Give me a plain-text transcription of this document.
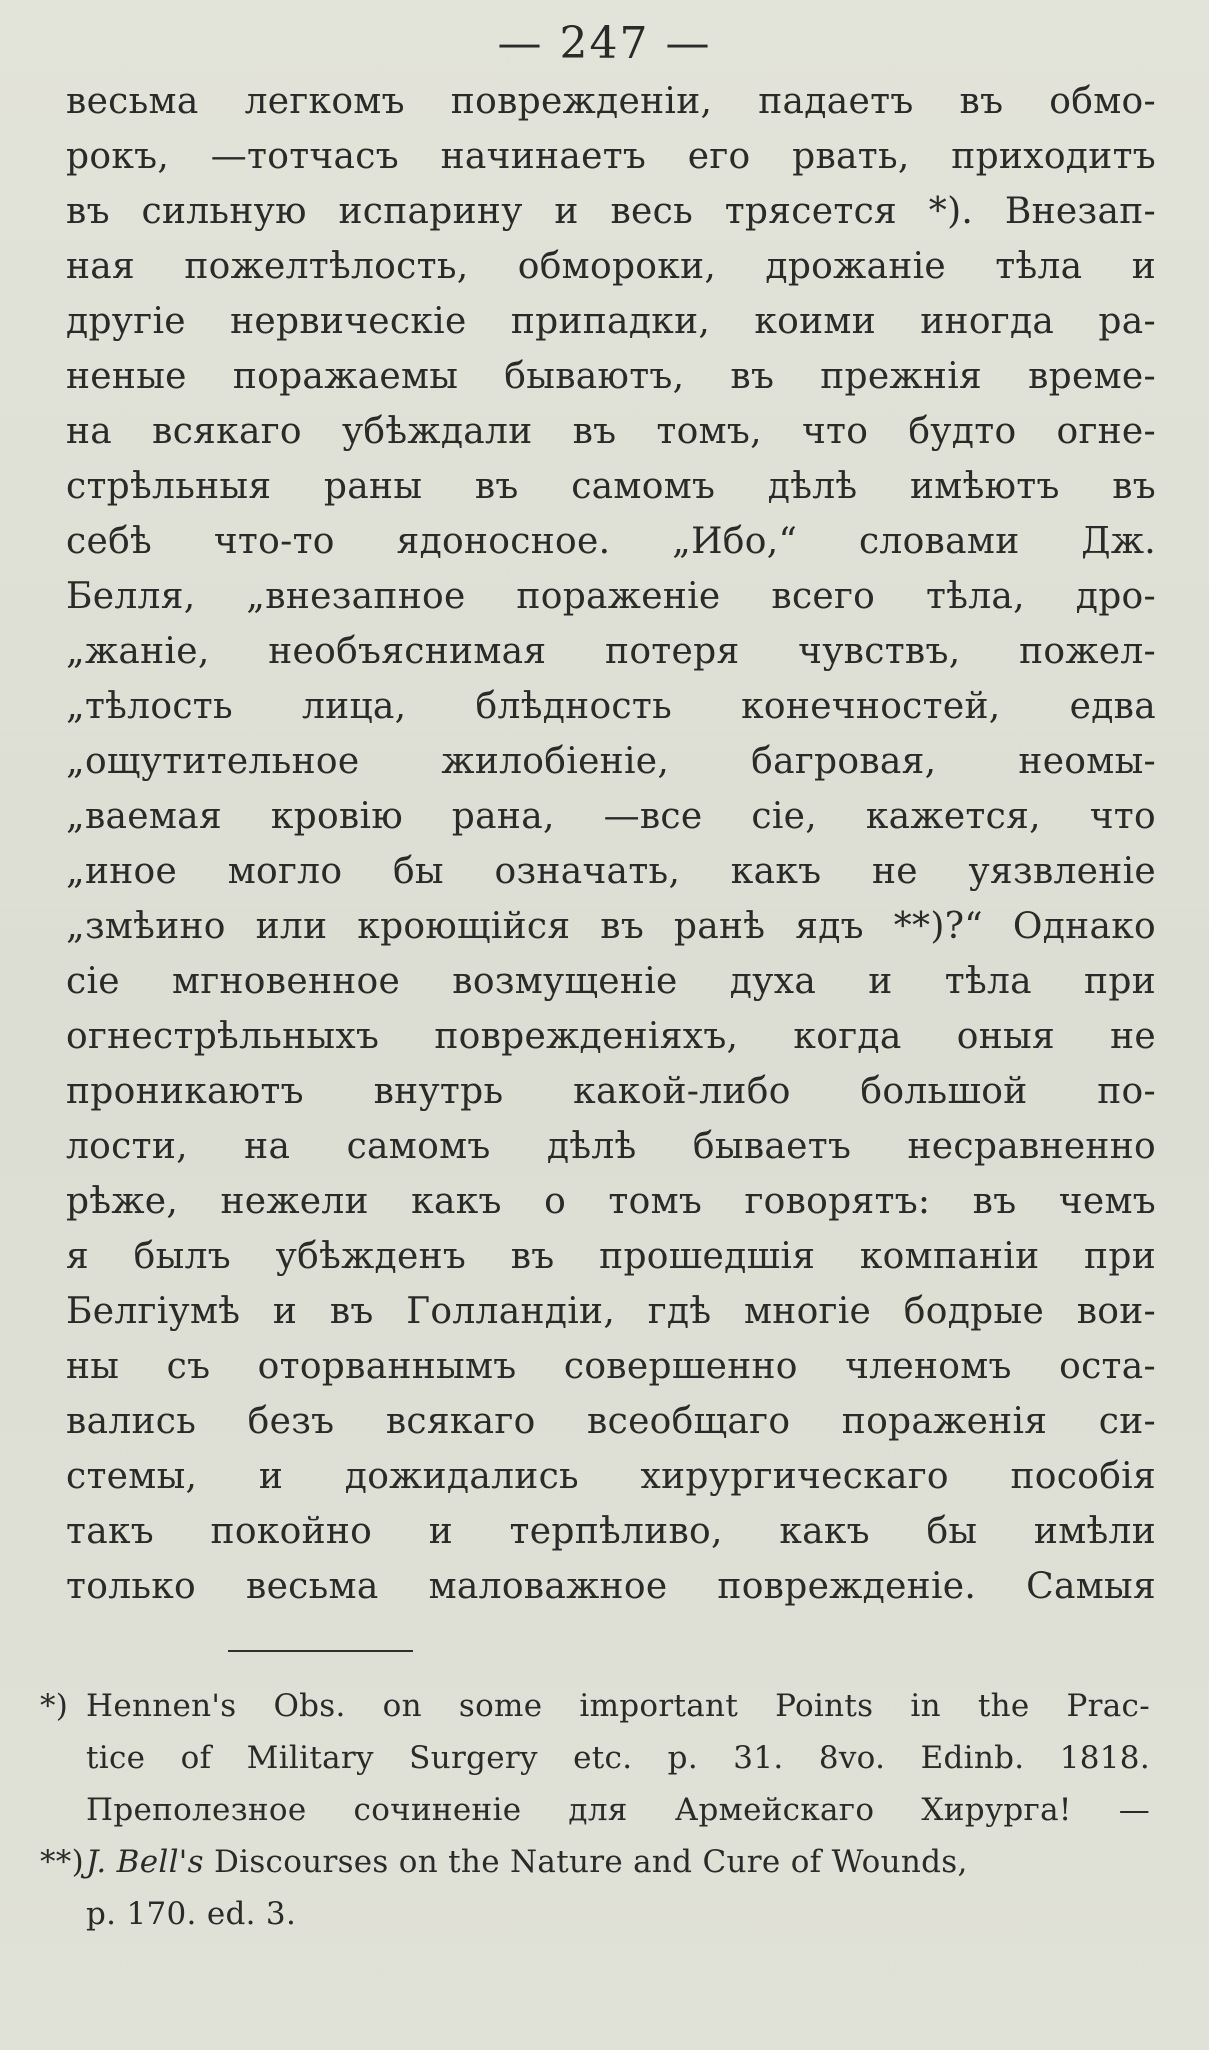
— 247 —
весьма легкомъ поврежденіи, падаетъ въ обмо-
рокъ, —тотчасъ начинаетъ его рвать, приходитъ
въ сильную испарину и весь трясется *). Внезап-
ная пожелтѣлость, обмороки, дрожаніе тѣла и
другіе нервическіе припадки, коими иногда ра-
неные поражаемы бываютъ, въ прежнія време-
на всякаго убѣждали въ томъ, что будто огне-
стрѣльныя раны въ самомъ дѣлѣ имѣютъ въ
себѣ что-то ядоносное. „Ибо,“ словами Дж.
Белля, „внезапное пораженіе всего тѣла, дро-
„жаніе, необъяснимая потеря чувствъ, пожел-
„тѣлость лица, блѣдность конечностей, едва
„ощутительное жилобіеніе, багровая, неомы-
„ваемая кровію рана, —все сіе, кажется, что
„иное могло бы означать, какъ не уязвленіе
„змѣино или кроющійся въ ранѣ ядъ **)?“ Однако
сіе мгновенное возмущеніе духа и тѣла при
огнестрѣльныхъ поврежденіяхъ, когда оныя не
проникаютъ внутрь какой-либо большой по-
лости, на самомъ дѣлѣ бываетъ несравненно
рѣже, нежели какъ о томъ говорятъ: въ чемъ
я былъ убѣжденъ въ прошедшія компаніи при
Белгіумѣ и въ Голландіи, гдѣ многіе бодрые вои-
ны съ оторваннымъ совершенно членомъ оста-
вались безъ всякаго всеобщаго пораженія си-
стемы, и дожидались хирургическаго пособія
такъ покойно и терпѣливо, какъ бы имѣли
только весьма маловажное поврежденіе. Самыя
*) Hennen's Obs. on some important Points in the Prac-
tice of Military Surgery etc. p. 31. 8vo. Edinb. 1818.
Преполезное сочиненіе для Армейскаго Хирурга! —
**)J. Bell's Discourses on the Nature and Cure of Wounds,
p. 170. ed. 3.
